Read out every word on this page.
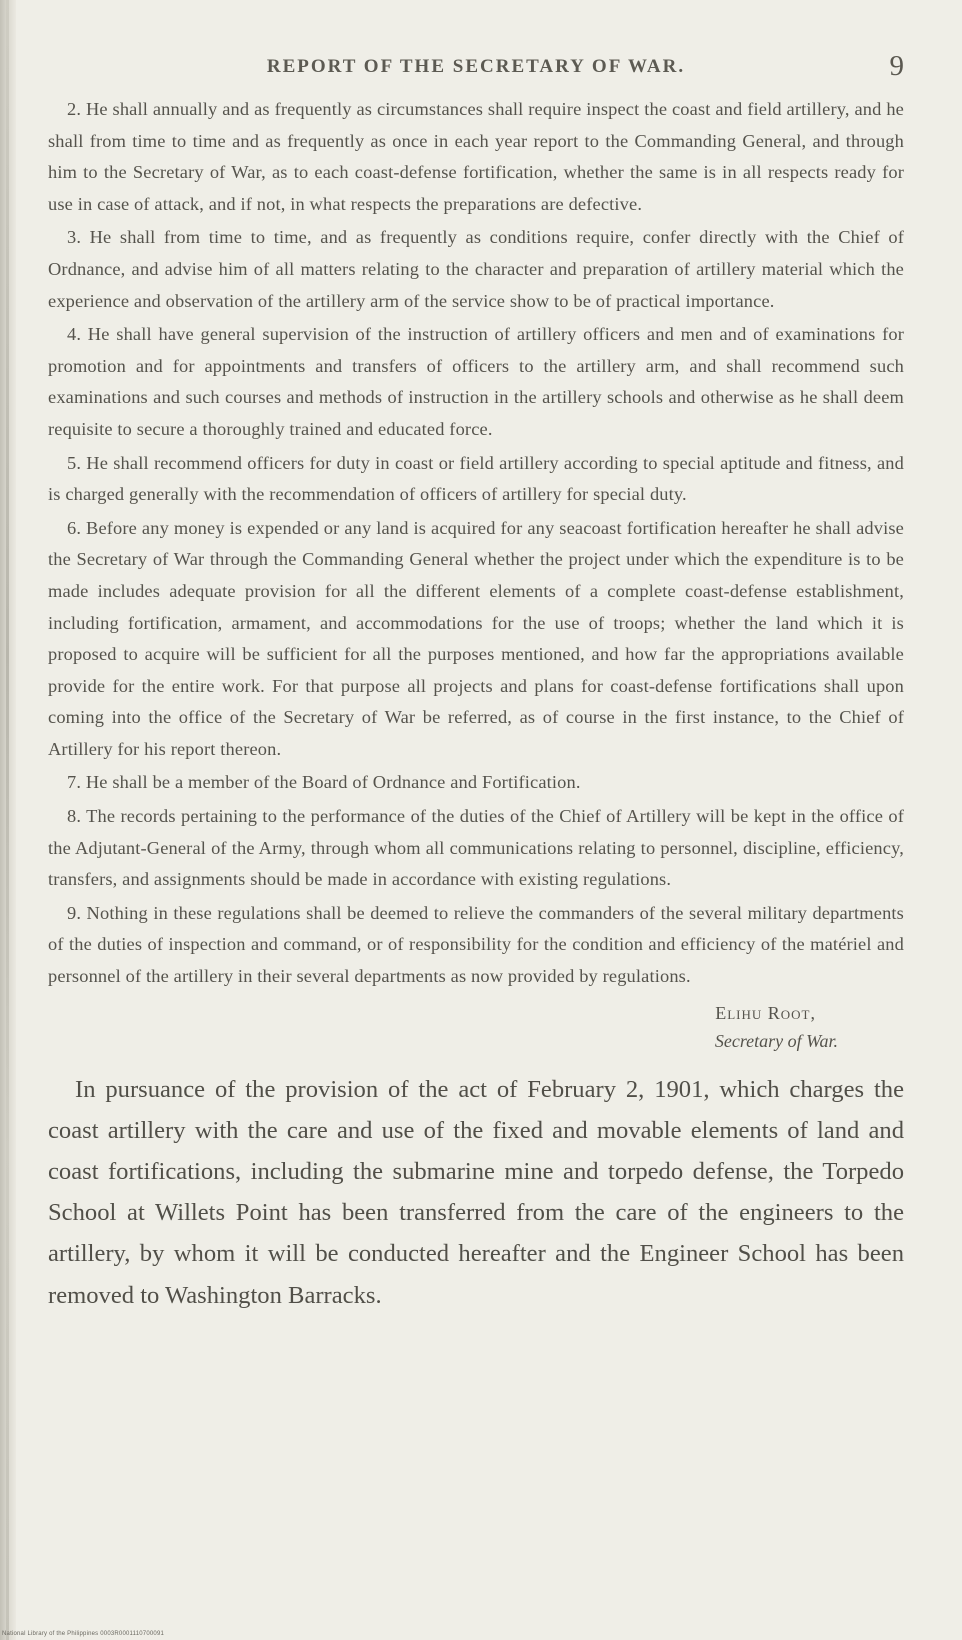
REPORT OF THE SECRETARY OF WAR.	9

2. He shall annually and as frequently as circumstances shall require inspect the coast and field artillery, and he shall from time to time and as frequently as once in each year report to the Commanding General, and through him to the Secretary of War, as to each coast-defense fortification, whether the same is in all respects ready for use in case of attack, and if not, in what respects the preparations are defective.

3. He shall from time to time, and as frequently as conditions require, confer directly with the Chief of Ordnance, and advise him of all matters relating to the character and preparation of artillery material which the experience and observation of the artillery arm of the service show to be of practical importance.

4. He shall have general supervision of the instruction of artillery officers and men and of examinations for promotion and for appointments and transfers of officers to the artillery arm, and shall recommend such examinations and such courses and methods of instruction in the artillery schools and otherwise as he shall deem requisite to secure a thoroughly trained and educated force.

5. He shall recommend officers for duty in coast or field artillery according to special aptitude and fitness, and is charged generally with the recommendation of officers of artillery for special duty.

6. Before any money is expended or any land is acquired for any seacoast fortification hereafter he shall advise the Secretary of War through the Commanding General whether the project under which the expenditure is to be made includes adequate provision for all the different elements of a complete coast-defense establishment, including fortification, armament, and accommodations for the use of troops; whether the land which it is proposed to acquire will be sufficient for all the purposes mentioned, and how far the appropriations available provide for the entire work. For that purpose all projects and plans for coast-defense fortifications shall upon coming into the office of the Secretary of War be referred, as of course in the first instance, to the Chief of Artillery for his report thereon.

7. He shall be a member of the Board of Ordnance and Fortification.

8. The records pertaining to the performance of the duties of the Chief of Artillery will be kept in the office of the Adjutant-General of the Army, through whom all communications relating to personnel, discipline, efficiency, transfers, and assignments should be made in accordance with existing regulations.

9. Nothing in these regulations shall be deemed to relieve the commanders of the several military departments of the duties of inspection and command, or of responsibility for the condition and efficiency of the matériel and personnel of the artillery in their several departments as now provided by regulations.

Elihu Root,
Secretary of War.

In pursuance of the provision of the act of February 2, 1901, which charges the coast artillery with the care and use of the fixed and movable elements of land and coast fortifications, including the submarine mine and torpedo defense, the Torpedo School at Willets Point has been transferred from the care of the engineers to the artillery, by whom it will be conducted hereafter and the Engineer School has been removed to Washington Barracks.

National Library of the Philippines 0003R0001110700091
